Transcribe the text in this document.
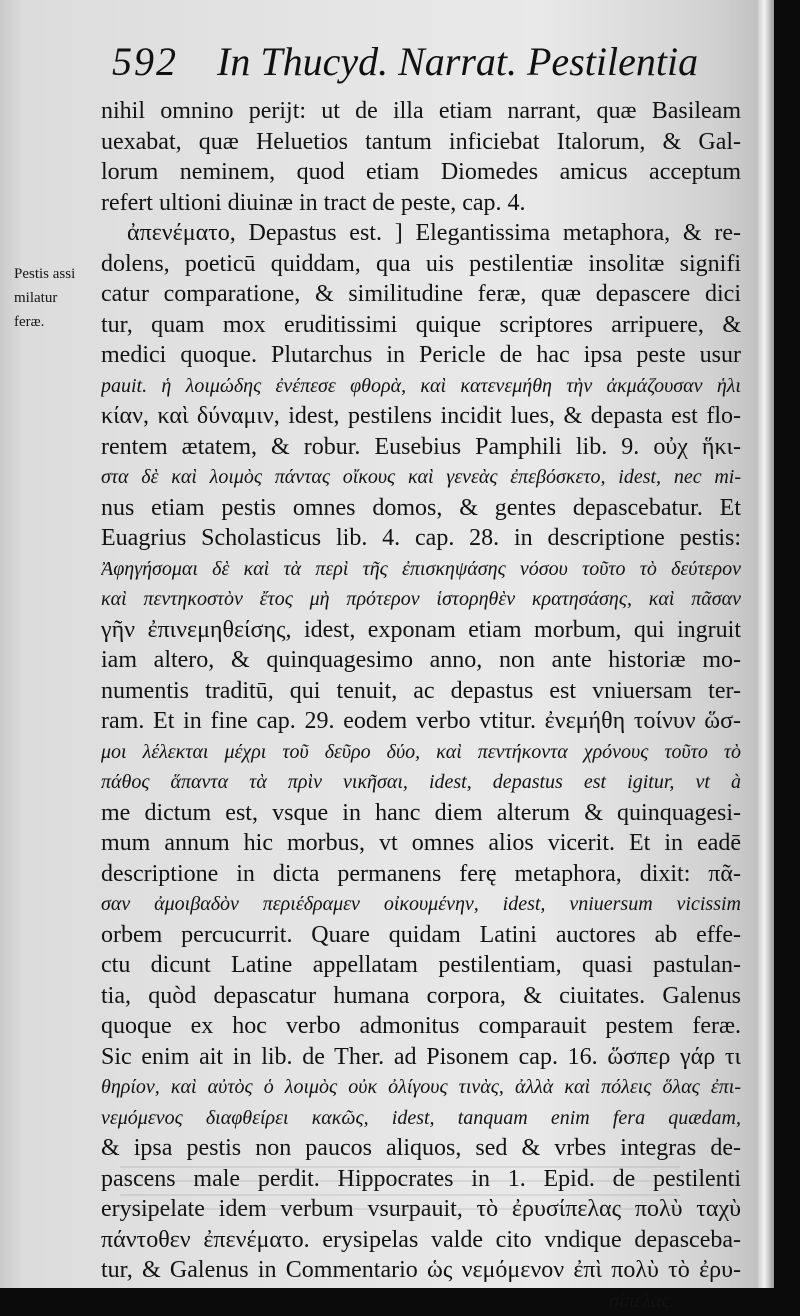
592 In Thucyd. Narrat. Pestilentia
Pestis assi
milatur
feræ.
nihil omnino perijt: ut de illa etiam narrant, quæ Basileam
uexabat, quæ Heluetios tantum inficiebat Italorum, & Gal-
lorum neminem, quod etiam Diomedes amicus acceptum
refert ultioni diuinæ in tract de peste, cap. 4.
ἀπενέματο, Depastus est. ] Elegantissima metaphora, & re-
dolens, poeticū quiddam, qua uis pestilentiæ insolitæ signifi
catur comparatione, & similitudine feræ, quæ depascere dici
tur, quam mox eruditissimi quique scriptores arripuere, &
medici quoque. Plutarchus in Pericle de hac ipsa peste usur
pauit. ἡ λοιμώδης ἐνέπεσε φθορὰ, καὶ κατενεμήθη τὴν ἀκμάζουσαν ἡλι
κίαν, καὶ δύναμιν, idest, pestilens incidit lues, & depasta est flo-
rentem ætatem, & robur. Eusebius Pamphili lib. 9. οὐχ ἥκι-
στα δὲ καὶ λοιμὸς πάντας οἴκους καὶ γενεὰς ἐπεβόσκετο, idest, nec mi-
nus etiam pestis omnes domos, & gentes depascebatur. Et
Euagrius Scholasticus lib. 4. cap. 28. in descriptione pestis:
Ἀφηγήσομαι δὲ καὶ τὰ περὶ τῆς ἐπισκηψάσης νόσου τοῦτο τὸ δεύτερον
καὶ πεντηκοστὸν ἔτος μὴ πρότερον ἱστορηθὲν κρατησάσης, καὶ πᾶσαν
γῆν ἐπινεμηθείσης, idest, exponam etiam morbum, qui ingruit
iam altero, & quinquagesimo anno, non ante historiæ mo-
numentis traditū, qui tenuit, ac depastus est vniuersam ter-
ram. Et in fine cap. 29. eodem verbo vtitur. ἐνεμήθη τοίνυν ὥσ-
μοι λέλεκται μέχρι τοῦ δεῦρο δύο, καὶ πεντήκοντα χρόνους τοῦτο τὸ
πάθος ἅπαντα τὰ πρὶν νικῆσαι, idest, depastus est igitur, vt à
me dictum est, vsque in hanc diem alterum & quinquagesi-
mum annum hic morbus, vt omnes alios vicerit. Et in eadē
descriptione in dicta permanens ferę metaphora, dixit: πᾶ-
σαν ἀμοιβαδὸν περιέδραμεν οἰκουμένην, idest, vniuersum vicissim
orbem percucurrit. Quare quidam Latini auctores ab effe-
ctu dicunt Latine appellatam pestilentiam, quasi pastulan-
tia, quòd depascatur humana corpora, & ciuitates. Galenus
quoque ex hoc verbo admonitus comparauit pestem feræ.
Sic enim ait in lib. de Ther. ad Pisonem cap. 16. ὥσπερ γάρ τι
θηρίον, καὶ αὐτὸς ὁ λοιμὸς οὐκ ὀλίγους τινὰς, ἀλλὰ καὶ πόλεις ὅλας ἐπι-
νεμόμενος διαφθείρει κακῶς, idest, tanquam enim fera quædam,
& ipsa pestis non paucos aliquos, sed & vrbes integras de-
pascens male perdit. Hippocrates in 1. Epid. de pestilenti
erysipelate idem verbum vsurpauit, τὸ ἐρυσίπελας πολὺ ταχὺ
πάντοθεν ἐπενέματο. erysipelas valde cito vndique depasceba-
tur, & Galenus in Commentario ὡς νεμόμενον ἐπὶ πολὺ τὸ ἐρυ-
σίπελας.
